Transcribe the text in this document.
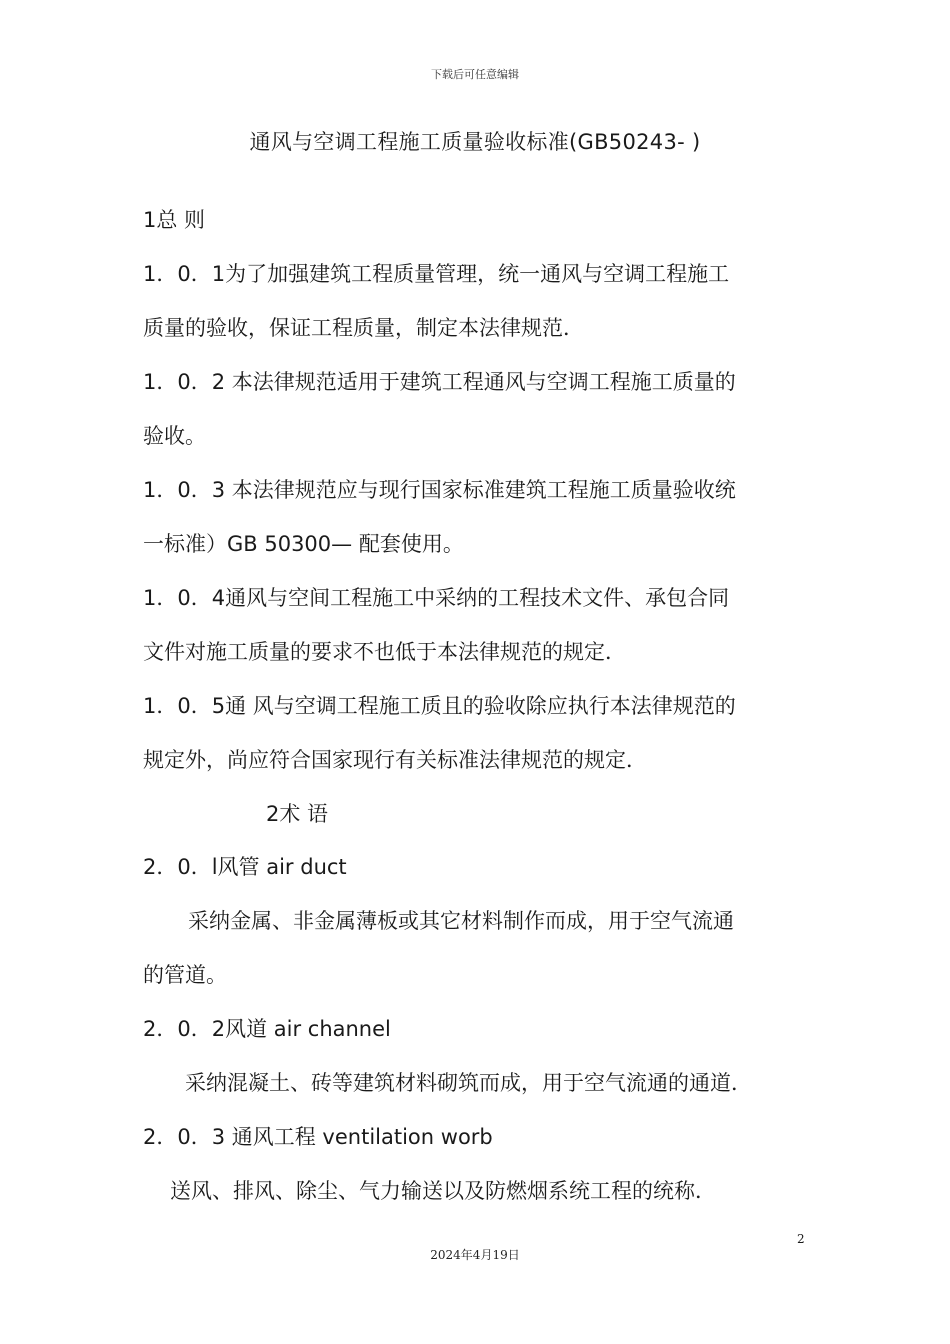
下载后可任意编辑
通风与空调工程施工质量验收标准(GB50243- )
1总 则
1．0．1为了加强建筑工程质量管理，统一通风与空调工程施工
质量的验收，保证工程质量，制定本法律规范．
1．0．2 本法律规范适用于建筑工程通风与空调工程施工质量的
验收。
1．0．3 本法律规范应与现行国家标准建筑工程施工质量验收统
一标准）GB 50300— 配套使用。
1．0．4通风与空间工程施工中采纳的工程技术文件、承包合同
文件对施工质量的要求不也低于本法律规范的规定．
1．0．5通 风与空调工程施工质且的验收除应执行本法律规范的
规定外，尚应符合国家现行有关标准法律规范的规定．
2术 语
2．0．l风管 air duct
采纳金属、非金属薄板或其它材料制作而成，用于空气流通
的管道。
2．0．2风道 air channel
采纳混凝土、砖等建筑材料砌筑而成，用于空气流通的通道．
2．0．3 通风工程 ventilation worb
送风、排风、除尘、气力输送以及防燃烟系统工程的统称．
2
2024年4月19日
